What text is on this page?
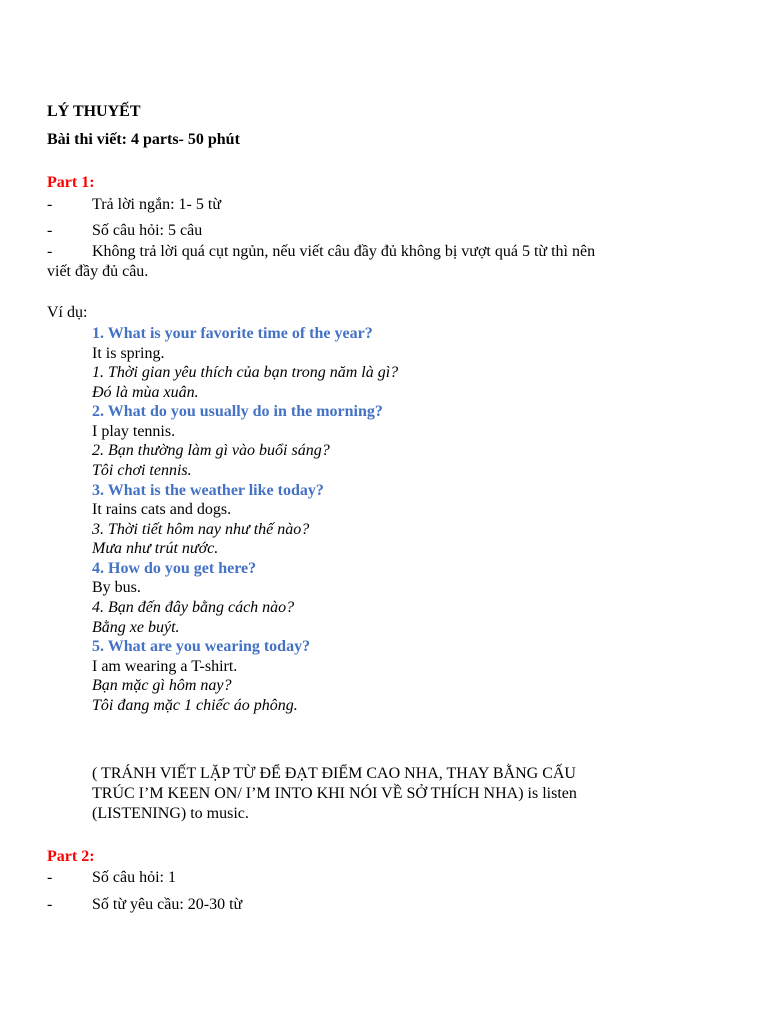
LÝ THUYẾT
Bài thi viết: 4 parts- 50 phút
Part 1:
- Trả lời ngắn: 1- 5 từ
- Số câu hỏi: 5 câu
- Không trả lời quá cụt ngủn, nếu viết câu đầy đủ không bị vượt quá 5 từ thì nên
viết đầy đủ câu.
Ví dụ:
1. What is your favorite time of the year?
It is spring.
1. Thời gian yêu thích của bạn trong năm là gì?
Đó là mùa xuân.
2. What do you usually do in the morning?
I play tennis.
2. Bạn thường làm gì vào buổi sáng?
Tôi chơi tennis.
3. What is the weather like today?
It rains cats and dogs.
3. Thời tiết hôm nay như thế nào?
Mưa như trút nước.
4. How do you get here?
By bus.
4. Bạn đến đây bằng cách nào?
Bằng xe buýt.
5. What are you wearing today?
I am wearing a T-shirt.
Bạn mặc gì hôm nay?
Tôi đang mặc 1 chiếc áo phông.
( TRÁNH VIẾT LẶP TỪ ĐỂ ĐẠT ĐIỂM CAO NHA, THAY BẰNG CẤU
TRÚC I’M KEEN ON/ I’M INTO KHI NÓI VỀ SỞ THÍCH NHA) is listen
(LISTENING) to music.
Part 2:
- Số câu hỏi: 1
- Số từ yêu cầu: 20-30 từ
